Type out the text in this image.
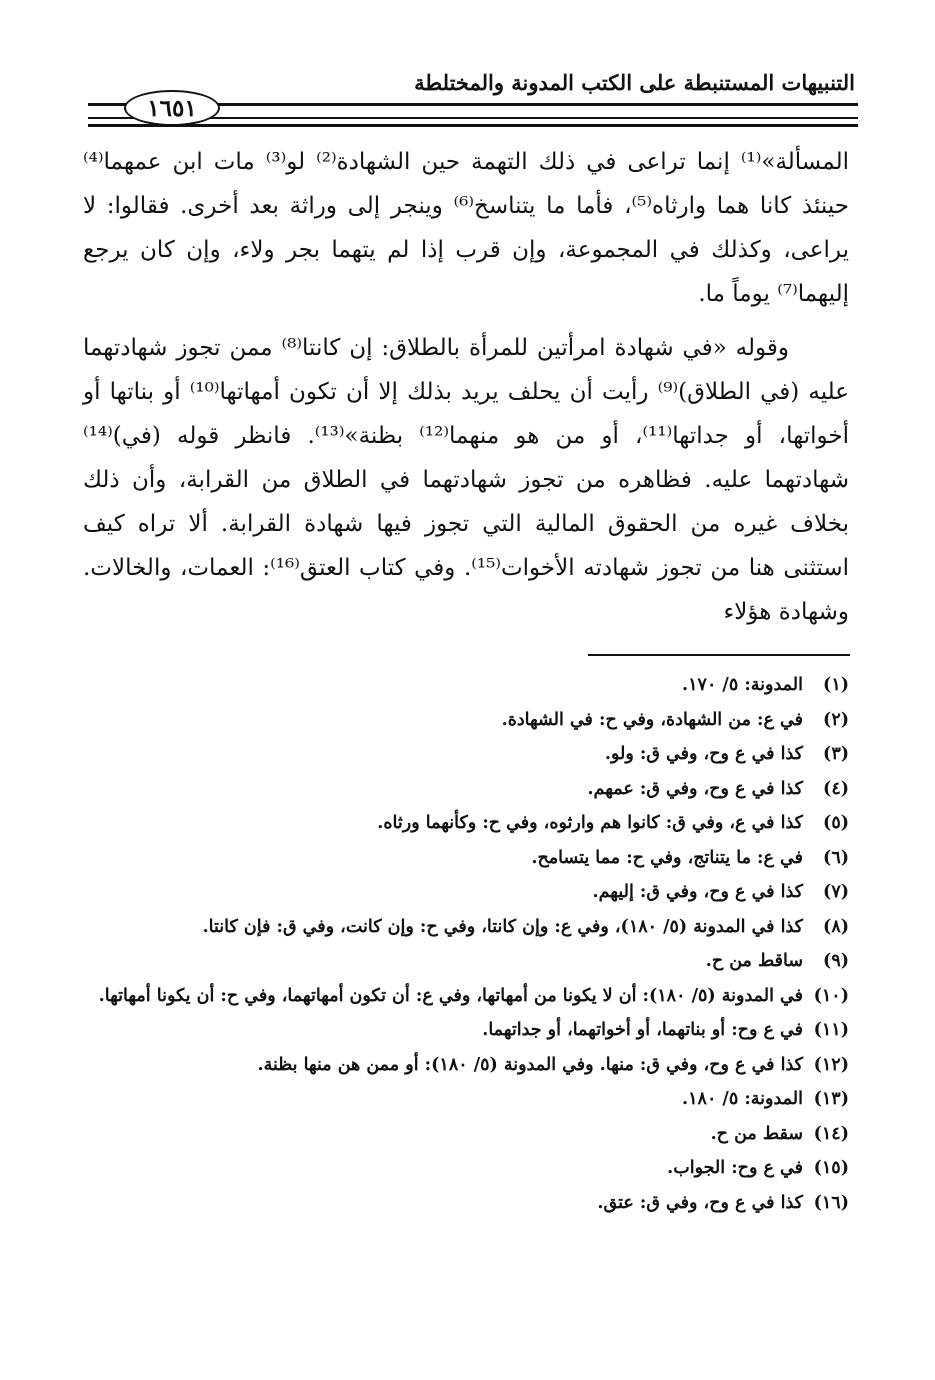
التنبيهات المستنبطة على الكتب المدونة والمختلطة
١٦٥١

المسألة»⁽¹⁾ إنما تراعى في ذلك التهمة حين الشهادة⁽²⁾ لو⁽³⁾ مات ابن عمهما⁽⁴⁾ حينئذ كانا هما وارثاه⁽⁵⁾، فأما ما يتناسخ⁽⁶⁾ وينجر إلى وراثة بعد أخرى. فقالوا: لا يراعى، وكذلك في المجموعة، وإن قرب إذا لم يتهما بجر ولاء، وإن كان يرجع إليهما⁽⁷⁾ يوماً ما.

وقوله «في شهادة امرأتين للمرأة بالطلاق: إن كانتا⁽⁸⁾ ممن تجوز شهادتهما عليه (في الطلاق)⁽⁹⁾ رأيت أن يحلف يريد بذلك إلا أن تكون أمهاتها⁽¹⁰⁾ أو بناتها أو أخواتها، أو جداتها⁽¹¹⁾، أو من هو منهما⁽¹²⁾ بظنة»⁽¹³⁾. فانظر قوله (في)⁽¹⁴⁾ شهادتهما عليه. فظاهره من تجوز شهادتهما في الطلاق من القرابة، وأن ذلك بخلاف غيره من الحقوق المالية التي تجوز فيها شهادة القرابة. ألا تراه كيف استثنى هنا من تجوز شهادته الأخوات⁽¹⁵⁾. وفي كتاب العتق⁽¹⁶⁾: العمات، والخالات. وشهادة هؤلاء

(١)
المدونة: ٥/ ١٧٠.
(٢)
في ع: من الشهادة، وفي ح: في الشهادة.
(٣)
كذا في ع وح، وفي ق: ولو.
(٤)
كذا في ع وح، وفي ق: عمهم.
(٥)
كذا في ع، وفي ق: كانوا هم وارثوه، وفي ح: وكأنهما ورثاه.
(٦)
في ع: ما يتناتج، وفي ح: مما يتسامح.
(٧)
كذا في ع وح، وفي ق: إليهم.
(٨)
كذا في المدونة (٥/ ١٨٠)، وفي ع: وإن كانتا، وفي ح: وإن كانت، وفي ق: فإن كانتا.
(٩)
ساقط من ح.
(١٠)
في المدونة (٥/ ١٨٠): أن لا يكونا من أمهاتها، وفي ع: أن تكون أمهاتهما، وفي ح: أن يكونا أمهاتها.
(١١)
في ع وح: أو بناتهما، أو أخواتهما، أو جداتهما.
(١٢)
كذا في ع وح، وفي ق: منها. وفي المدونة (٥/ ١٨٠): أو ممن هن منها بظنة.
(١٣)
المدونة: ٥/ ١٨٠.
(١٤)
سقط من ح.
(١٥)
في ع وح: الجواب.
(١٦)
كذا في ع وح، وفي ق: عتق.
